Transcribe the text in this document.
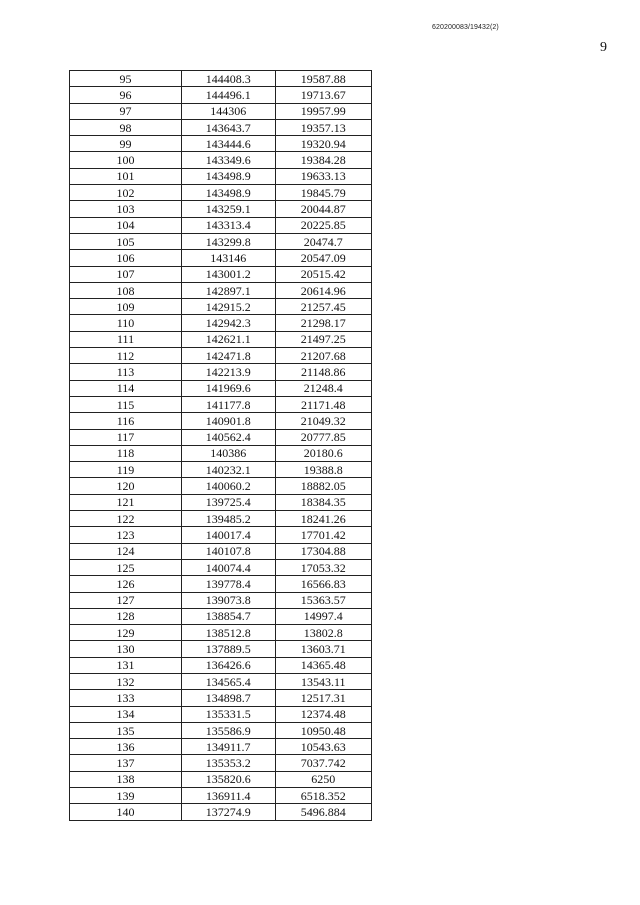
620200083/19432(2)
9
95	144408.3	19587.88
96	144496.1	19713.67
97	144306	19957.99
98	143643.7	19357.13
99	143444.6	19320.94
100	143349.6	19384.28
101	143498.9	19633.13
102	143498.9	19845.79
103	143259.1	20044.87
104	143313.4	20225.85
105	143299.8	20474.7
106	143146	20547.09
107	143001.2	20515.42
108	142897.1	20614.96
109	142915.2	21257.45
110	142942.3	21298.17
111	142621.1	21497.25
112	142471.8	21207.68
113	142213.9	21148.86
114	141969.6	21248.4
115	141177.8	21171.48
116	140901.8	21049.32
117	140562.4	20777.85
118	140386	20180.6
119	140232.1	19388.8
120	140060.2	18882.05
121	139725.4	18384.35
122	139485.2	18241.26
123	140017.4	17701.42
124	140107.8	17304.88
125	140074.4	17053.32
126	139778.4	16566.83
127	139073.8	15363.57
128	138854.7	14997.4
129	138512.8	13802.8
130	137889.5	13603.71
131	136426.6	14365.48
132	134565.4	13543.11
133	134898.7	12517.31
134	135331.5	12374.48
135	135586.9	10950.48
136	134911.7	10543.63
137	135353.2	7037.742
138	135820.6	6250
139	136911.4	6518.352
140	137274.9	5496.884
